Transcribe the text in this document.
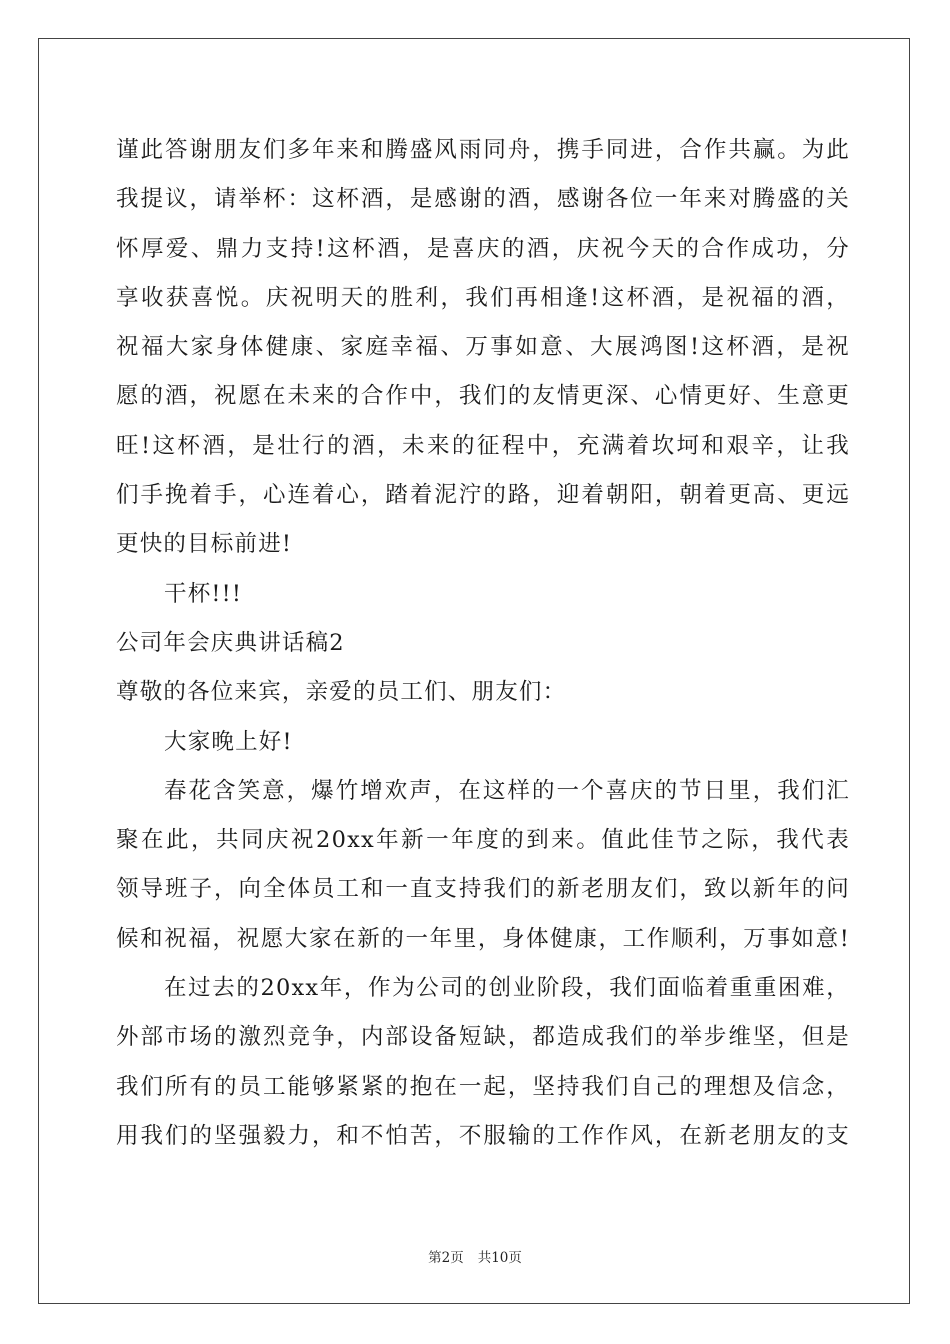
谨此答谢朋友们多年来和腾盛风雨同舟，携手同进，合作共赢。为此
我提议，请举杯：这杯酒，是感谢的酒，感谢各位一年来对腾盛的关
怀厚爱、鼎力支持!这杯酒，是喜庆的酒，庆祝今天的合作成功，分
享收获喜悦。庆祝明天的胜利，我们再相逢!这杯酒，是祝福的酒，
祝福大家身体健康、家庭幸福、万事如意、大展鸿图!这杯酒，是祝
愿的酒，祝愿在未来的合作中，我们的友情更深、心情更好、生意更
旺!这杯酒，是壮行的酒，未来的征程中，充满着坎坷和艰辛，让我
们手挽着手，心连着心，踏着泥泞的路，迎着朝阳，朝着更高、更远
更快的目标前进!
干杯!!!
公司年会庆典讲话稿2
尊敬的各位来宾，亲爱的员工们、朋友们：
大家晚上好!
春花含笑意，爆竹增欢声，在这样的一个喜庆的节日里，我们汇
聚在此，共同庆祝20xx年新一年度的到来。值此佳节之际，我代表
领导班子，向全体员工和一直支持我们的新老朋友们，致以新年的问
候和祝福，祝愿大家在新的一年里，身体健康，工作顺利，万事如意!
在过去的20xx年，作为公司的创业阶段，我们面临着重重困难，
外部市场的激烈竞争，内部设备短缺，都造成我们的举步维坚，但是
我们所有的员工能够紧紧的抱在一起，坚持我们自己的理想及信念，
用我们的坚强毅力，和不怕苦，不服输的工作作风，在新老朋友的支
第2页 共10页
